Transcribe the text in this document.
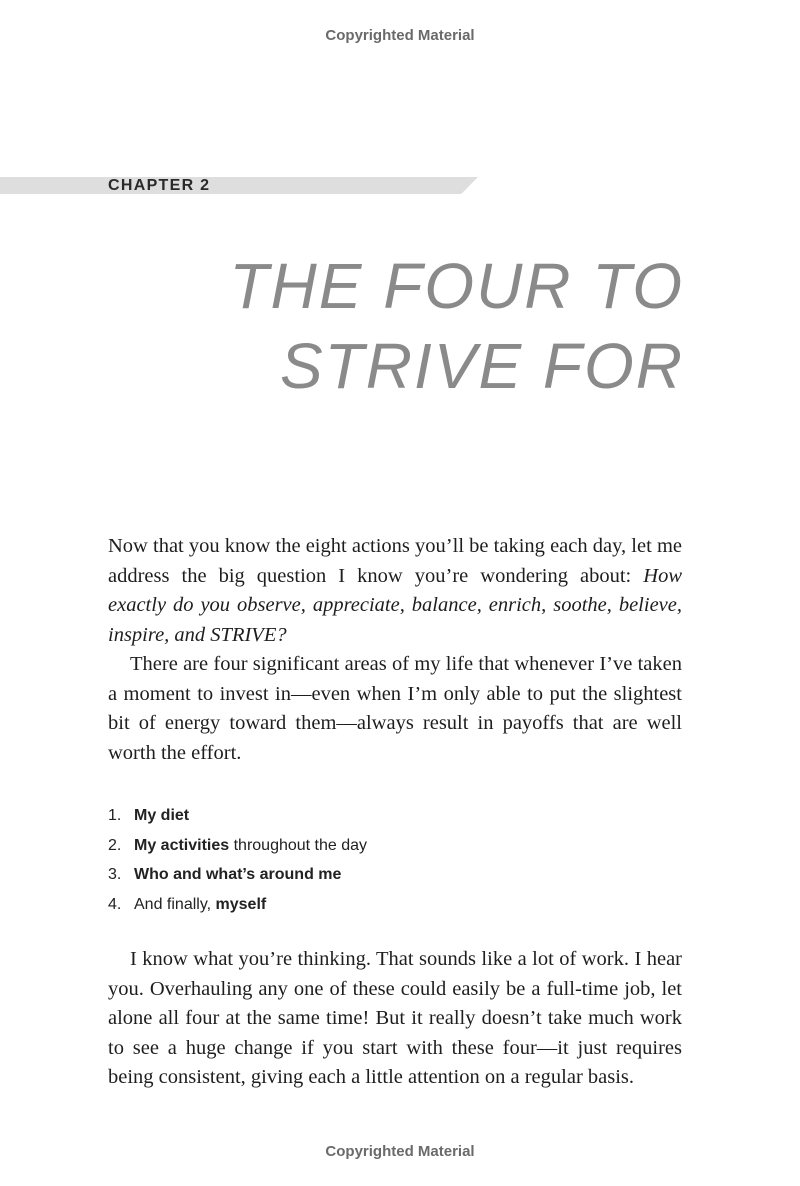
Copyrighted Material
CHAPTER 2
THE FOUR TO
STRIVE FOR

Now that you know the eight actions you’ll be taking each day, let me address the big question I know you’re wondering about: How exactly do you observe, appreciate, balance, enrich, soothe, believe, inspire, and STRIVE?

There are four significant areas of my life that whenever I’ve taken a moment to invest in—even when I’m only able to put the slightest bit of energy toward them—always result in payoffs that are well worth the effort.

1. My diet
2. My activities throughout the day
3. Who and what’s around me
4. And finally, myself

I know what you’re thinking. That sounds like a lot of work. I hear you. Overhauling any one of these could easily be a full-time job, let alone all four at the same time! But it really doesn’t take much work to see a huge change if you start with these four—it just requires being consistent, giving each a little attention on a regular basis.

Copyrighted Material
